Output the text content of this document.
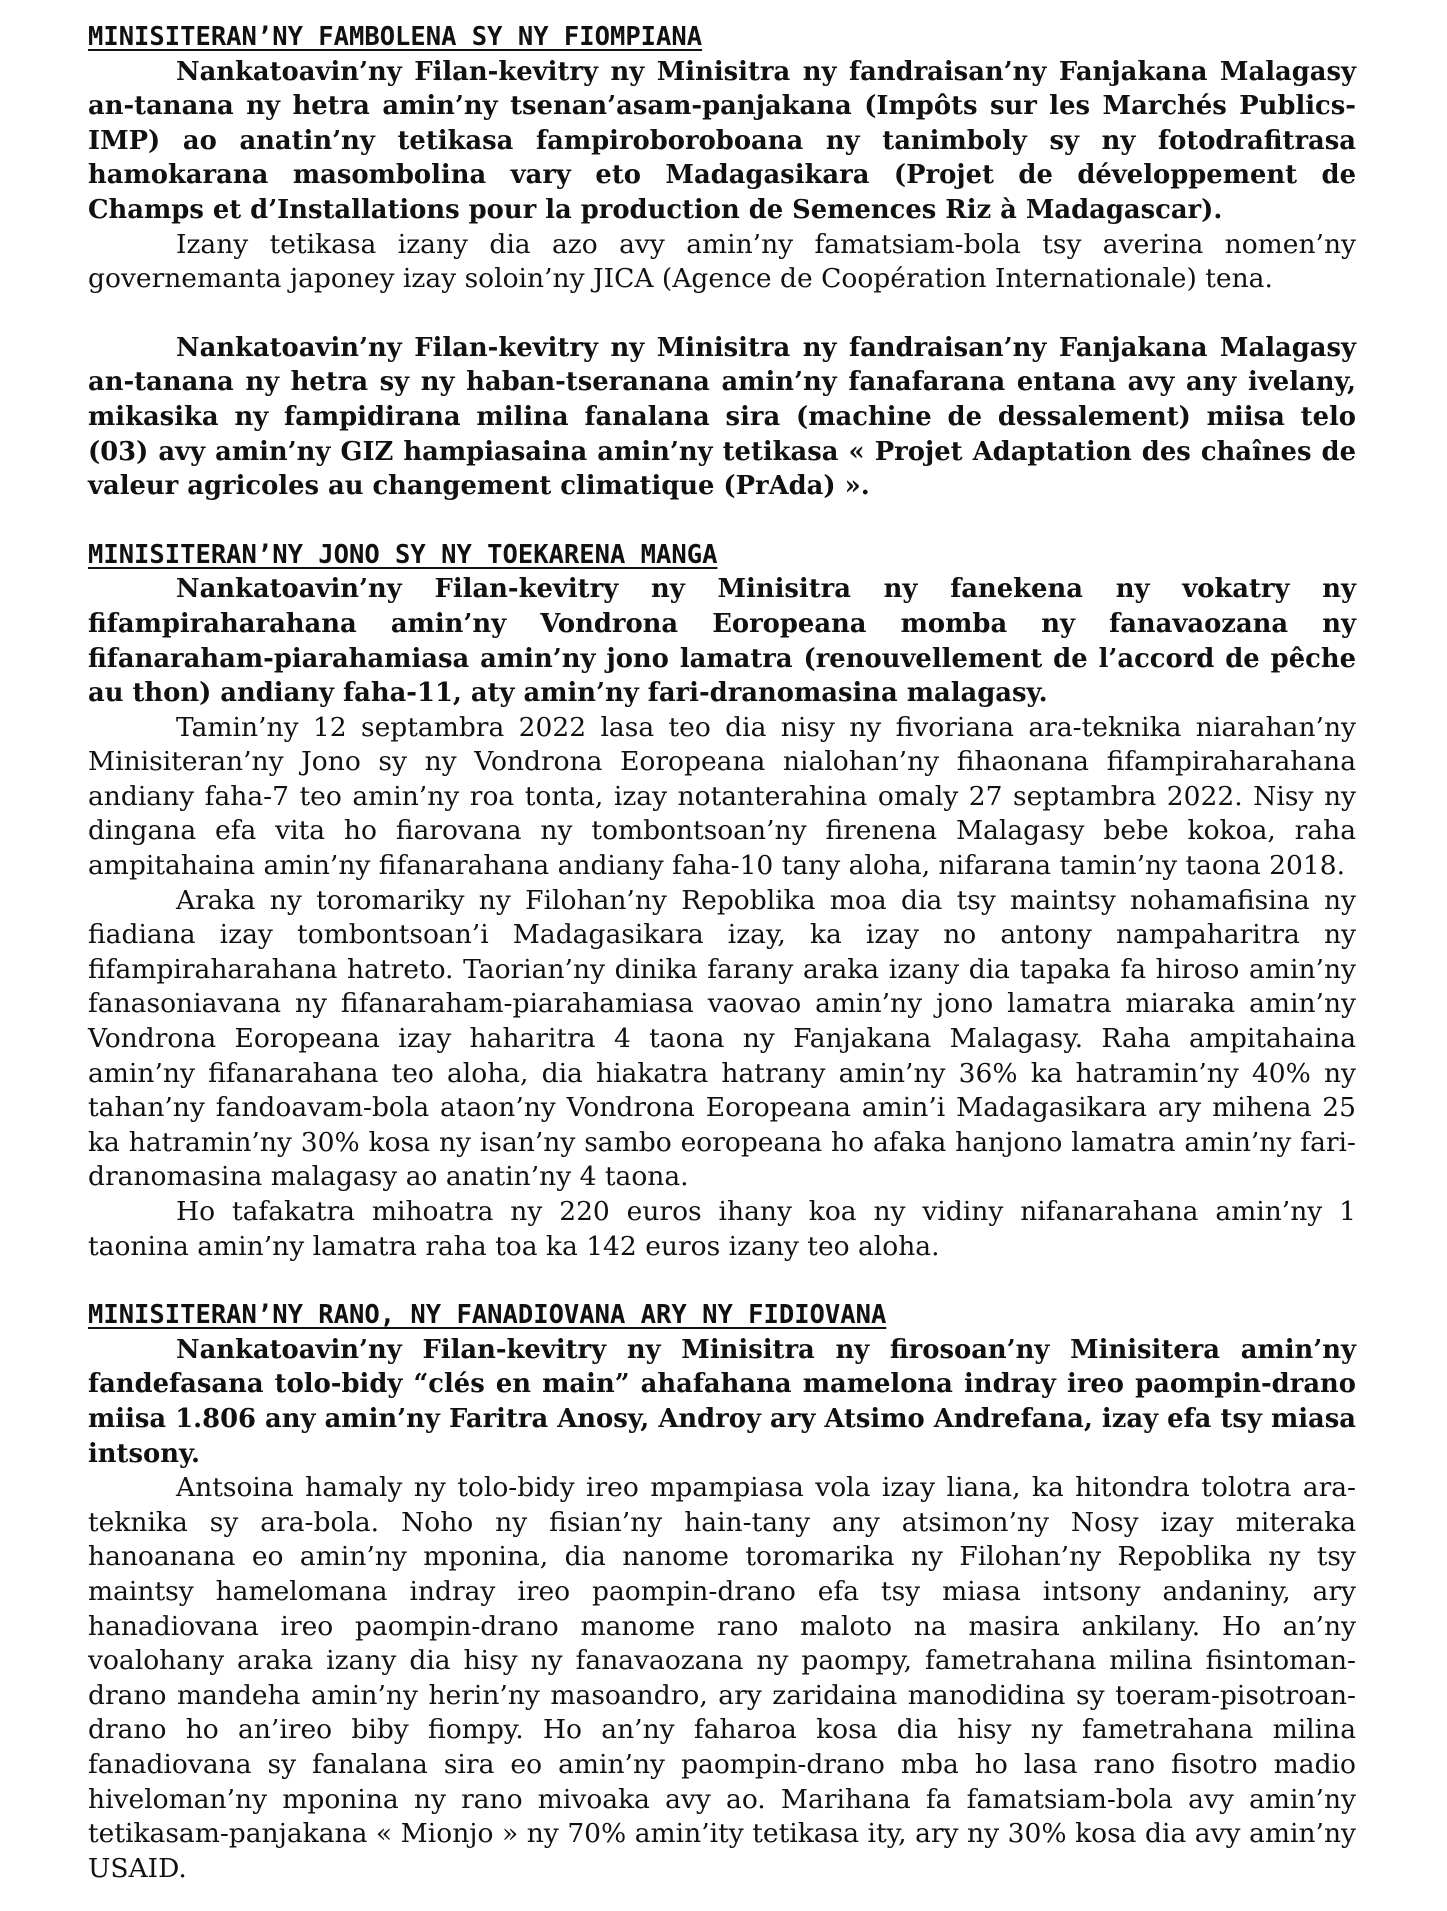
MINISITERAN’NY FAMBOLENA SY NY FIOMPIANA

Nankatoavin’ny Filan-kevitry ny Minisitra ny fandraisan’ny Fanjakana Malagasy an-tanana ny hetra amin’ny tsenan’asam-panjakana (Impôts sur les Marchés Publics-IMP) ao anatin’ny tetikasa fampiroboroboana ny tanimboly sy ny fotodrafitrasa hamokarana masombolina vary eto Madagasikara (Projet de développement de Champs et d’Installations pour la production de Semences Riz à Madagascar).

Izany tetikasa izany dia azo avy amin’ny famatsiam-bola tsy averina nomen’ny governemanta japoney izay soloin’ny JICA (Agence de Coopération Internationale) tena.

Nankatoavin’ny Filan-kevitry ny Minisitra ny fandraisan’ny Fanjakana Malagasy an-tanana ny hetra sy ny haban-tseranana amin’ny fanafarana entana avy any ivelany, mikasika ny fampidirana milina fanalana sira (machine de dessalement) miisa telo (03) avy amin’ny GIZ hampiasaina amin’ny tetikasa « Projet Adaptation des chaînes de valeur agricoles au changement climatique (PrAda) ».

MINISITERAN’NY JONO SY NY TOEKARENA MANGA

Nankatoavin’ny Filan-kevitry ny Minisitra ny fanekena ny vokatry ny fifampiraharahana amin’ny Vondrona Eoropeana momba ny fanavaozana ny fifanaraham-piarahamiasa amin’ny jono lamatra (renouvellement de l’accord de pêche au thon) andiany faha-11, aty amin’ny fari-dranomasina malagasy.

Tamin’ny 12 septambra 2022 lasa teo dia nisy ny fivoriana ara-teknika niarahan’ny Minisiteran’ny Jono sy ny Vondrona Eoropeana nialohan’ny fihaonana fifampiraharahana andiany faha-7 teo amin’ny roa tonta, izay notanterahina omaly 27 septambra 2022. Nisy ny dingana efa vita ho fiarovana ny tombontsoan’ny firenena Malagasy bebe kokoa, raha ampitahaina amin’ny fifanarahana andiany faha-10 tany aloha, nifarana tamin’ny taona 2018.

Araka ny toromariky ny Filohan’ny Repoblika moa dia tsy maintsy nohamafisina ny fiadiana izay tombontsoan’i Madagasikara izay, ka izay no antony nampaharitra ny fifampiraharahana hatreto. Taorian’ny dinika farany araka izany dia tapaka fa hiroso amin’ny fanasoniavana ny fifanaraham-piarahamiasa vaovao amin’ny jono lamatra miaraka amin’ny Vondrona Eoropeana izay haharitra 4 taona ny Fanjakana Malagasy. Raha ampitahaina amin’ny fifanarahana teo aloha, dia hiakatra hatrany amin’ny 36% ka hatramin’ny 40% ny tahan’ny fandoavam-bola ataon’ny Vondrona Eoropeana amin’i Madagasikara ary mihena 25 ka hatramin’ny 30% kosa ny isan’ny sambo eoropeana ho afaka hanjono lamatra amin’ny fari-dranomasina malagasy ao anatin’ny 4 taona.

Ho tafakatra mihoatra ny 220 euros ihany koa ny vidiny nifanarahana amin’ny 1 taonina amin’ny lamatra raha toa ka 142 euros izany teo aloha.

MINISITERAN’NY RANO, NY FANADIOVANA ARY NY FIDIOVANA

Nankatoavin’ny Filan-kevitry ny Minisitra ny firosoan’ny Minisitera amin’ny fandefasana tolo-bidy “clés en main” ahafahana mamelona indray ireo paompin-drano miisa 1.806 any amin’ny Faritra Anosy, Androy ary Atsimo Andrefana, izay efa tsy miasa intsony.

Antsoina hamaly ny tolo-bidy ireo mpampiasa vola izay liana, ka hitondra tolotra ara-teknika sy ara-bola. Noho ny fisian’ny hain-tany any atsimon’ny Nosy izay miteraka hanoanana eo amin’ny mponina, dia nanome toromarika ny Filohan’ny Repoblika ny tsy maintsy hamelomana indray ireo paompin-drano efa tsy miasa intsony andaniny, ary hanadiovana ireo paompin-drano manome rano maloto na masira ankilany. Ho an’ny voalohany araka izany dia hisy ny fanavaozana ny paompy, fametrahana milina fisintoman-drano mandeha amin’ny herin’ny masoandro, ary zaridaina manodidina sy toeram-pisotroan-drano ho an’ireo biby fiompy. Ho an’ny faharoa kosa dia hisy ny fametrahana milina fanadiovana sy fanalana sira eo amin’ny paompin-drano mba ho lasa rano fisotro madio hiveloman’ny mponina ny rano mivoaka avy ao. Marihana fa famatsiam-bola avy amin’ny tetikasam-panjakana « Mionjo » ny 70% amin’ity tetikasa ity, ary ny 30% kosa dia avy amin’ny USAID.
